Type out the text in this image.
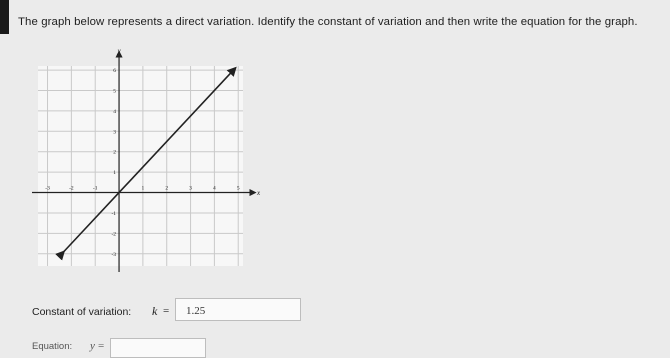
The graph below represents a direct variation. Identify the constant of variation and then write the equation for the graph.
-3	-2	-1	1	2	3	4	5
6
5
4
3
2
1
-1
-2
-3
x
y
Constant of variation: k =	1.25
Equation: y =
